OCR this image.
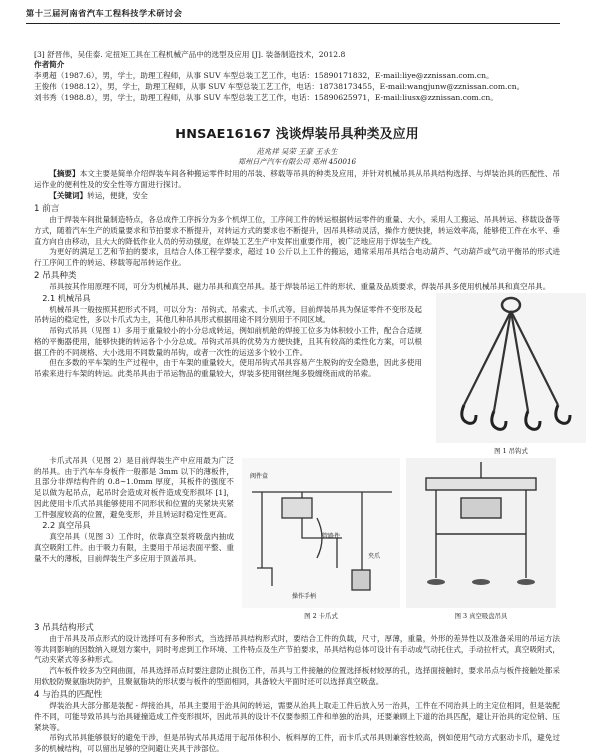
第十三届河南省汽车工程科技学术研讨会
[3] 舒晋伟，吴佳泰. 定扭矩工具在工程机械产品中的选型及应用 [J]. 装备制造技术，2012.8
作者简介
李勇超（1987.6），男，学士，助理工程师，从事 SUV 车型总装工艺工作，电话：15890171832，E-mail:liye@zznissan.com.cn。
王俊伟（1988.12），男，学士，助理工程师，从事 SUV 车型总装工艺工作，电话：18738173455，E-mail:wangjunw@zznissan.com.cn。
刘书秀（1988.8），男，学士，助理工程师，从事 SUV 车型总装工艺工作，电话：15890625971，E-mail:liusx@zznissan.com.cn。
HNSAE16167 浅谈焊装吊具种类及应用
范兆祥 吴荣 王豪 王永生
郑州日产汽车有限公司 郑州 450016

【摘要】本文主要是简单介绍焊装车间各种搬运零件时用的吊装、移载等吊具的种类及应用，并针对机械吊具从吊具结构选择、与焊装治具的匹配性、吊运作业的便利性及的安全性等方面进行探讨。

【关键词】转运，便捷，安全

1 前言

由于焊装车间批量制造特点，各总成件工序拆分为多个机焊工位，工序间工件的转运根据转运零件的重量、大小，采用人工搬运、吊具转运、移载设备等方式，随着汽车生产的质量要求和节拍要求不断提升，对转运方式的要求也不断提升，因吊具移动灵活，操作方便快捷，转运效率高，能够使工件在水平、垂直方向自由移动，且大大的降低作业人员的劳动强度，在焊装工艺生产中发挥出重要作用，被广泛地应用于焊装生产线。

为更好的满足工艺和节拍的要求，且结合人体工程学要求，超过 10 公斤以上工件的搬运，通常采用吊具结合电动葫芦、气动葫芦或气动平衡吊的形式进行工序间工件的转运、移载等起吊转运作业。

2 吊具种类

吊具按其作用原理不同，可分为机械吊具、磁力吊具和真空吊具。基于焊装吊运工件的形状、重量及品质要求，焊装吊具多使用机械吊具和真空吊具。

2.1 机械吊具

机械吊具一般按照其把形式不同，可以分为：吊钩式、吊索式、卡爪式等。目前焊装吊具为保证零件不变形及起吊转运的稳定性，多以卡爪式为主，其他几种吊具形式根据用途不同分别用于不同区域。

吊钩式吊具（见图 1）多用于重量较小的小分总成转运，例如前机舱的焊接工位多为体积较小工件，配合合适规格的平衡器使用，能够快捷的转运各个小分总成。吊钩式吊具的优势为方便快捷，且其有较高的柔性化方案，可以根据工件的不同规格、大小选用不同数量的吊钩，或者一次性的运送多个较小工件。

但在多数的平车架的生产过程中，由于车架的重量较大，使用吊钩式吊具容易产生脱钩的安全隐患，因此多使用吊索来进行车架的转运。此类吊具由于吊运物品的重量较大，焊装多使用钢丝绳多股缠绕而成的吊索。

图 1 吊钩式

卡爪式吊具（见图 2）是目前焊装生产中应用最为广泛的吊具。由于汽车车身板件一般都是 3mm 以下的薄板件，且部分非焊结构件的 0.8~1.0mm 厚度，其板件的强度不足以做为起吊点，起吊时会造成对板件造成变形损坏 [1]，因此使用卡爪式吊具能够使用不同形状和位置的夹紧块夹紧工件强度较高的位置，避免变形，并且转运时稳定性更高。

2.2 真空吊具

真空吊具（见图 3）工作时，依靠真空泵将吸盘内抽成真空吸附工件。由于吸力有限，主要用于吊运表面平整、重量不大的薄板，目前焊装生产多应用于顶盖吊具。

阀件盒
管路件
夹爪
操作手柄
图 2 卡爪式	图 3 真空吸盘吊具
3 吊具结构形式

由于吊具及吊点形式的设计选择可有多种形式，当选择吊具结构形式时，要结合工件的负载，尺寸，厚薄，重量，外形的差异性以及准备采用的吊运方法等共同影响的因数纳入规划方案中，同时考虑到工作环境、工件特点及生产节拍要求，吊具结构总体可设计有手动或气动托住式，手动拉杆式，真空吸附式，气动夹紧式等多种形式。

汽车板件较多为空间曲面，吊具选择吊点时要注意防止损伤工件，吊具与工件接触的位置选择板材较厚的孔，选择面接触时，要求吊点与板件接触处都采用软胶防聚氨脂块防护，且聚氨脂块的形状要与板件的型面相同，具备较大平面时还可以选择真空吸盘。

4 与治具的匹配性

焊装治具大部分都是装配 - 焊接治具，吊具主要用于治具间的转运，需要从治具上取走工件后放入另一治具，工件在不同治具上的主定位相同，但是装配件不同，可能导致吊具与治具碰撞造成工件变形损坏，因此吊具的设计不仅要参照工件和单独的治具，还要兼顾上下道的治具匹配，避让开治具的定位销、压紧块等。

吊钩式吊具能够很好的避免干涉，但是吊钩式吊具适用于起吊体积小、板料厚的工件，而卡爪式吊具则兼容性较高，例如使用气动方式驱动卡爪，避免过多的机械结构，可以留出足够的空间避让夹具于涉部位。
